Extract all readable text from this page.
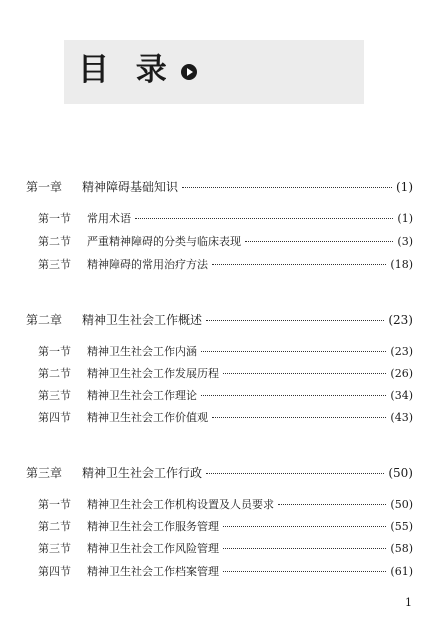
目 录
第一章	精神障碍基础知识	(1)
第一节	常用术语	(1)
第二节	严重精神障碍的分类与临床表现	(3)
第三节	精神障碍的常用治疗方法	(18)
第二章	精神卫生社会工作概述	(23)
第一节	精神卫生社会工作内涵	(23)
第二节	精神卫生社会工作发展历程	(26)
第三节	精神卫生社会工作理论	(34)
第四节	精神卫生社会工作价值观	(43)
第三章	精神卫生社会工作行政	(50)
第一节	精神卫生社会工作机构设置及人员要求	(50)
第二节	精神卫生社会工作服务管理	(55)
第三节	精神卫生社会工作风险管理	(58)
第四节	精神卫生社会工作档案管理	(61)
1
